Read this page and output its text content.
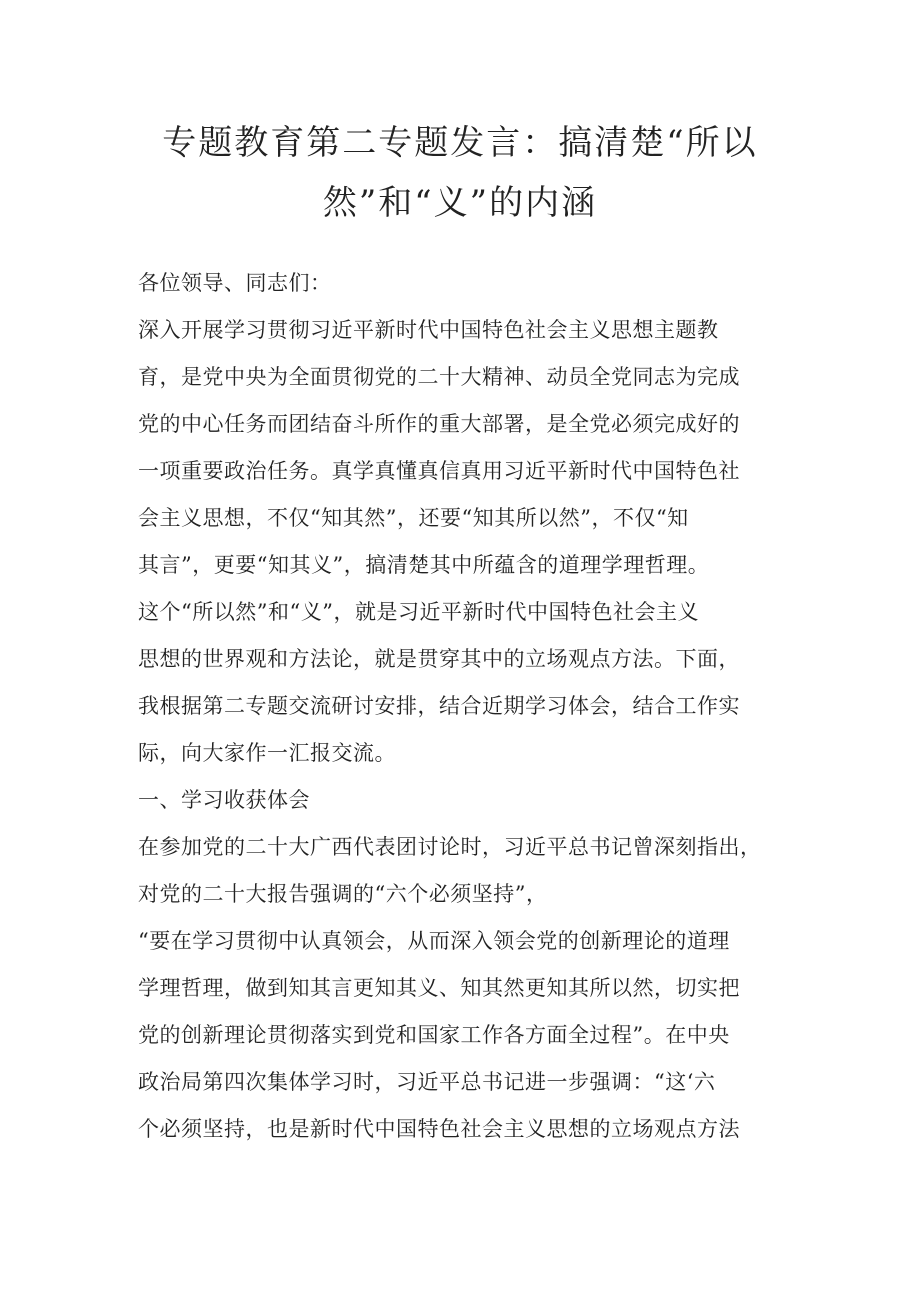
专题教育第二专题发言：搞清楚“所以
然”和“义”的内涵
各位领导、同志们：
深入开展学习贯彻习近平新时代中国特色社会主义思想主题教
育，是党中央为全面贯彻党的二十大精神、动员全党同志为完成
党的中心任务而团结奋斗所作的重大部署，是全党必须完成好的
一项重要政治任务。真学真懂真信真用习近平新时代中国特色社
会主义思想，不仅“知其然”，还要“知其所以然”，不仅“知
其言”，更要“知其义”，搞清楚其中所蕴含的道理学理哲理。
这个“所以然”和“义”，就是习近平新时代中国特色社会主义
思想的世界观和方法论，就是贯穿其中的立场观点方法。下面，
我根据第二专题交流研讨安排，结合近期学习体会，结合工作实
际，向大家作一汇报交流。
一、学习收获体会
在参加党的二十大广西代表团讨论时，习近平总书记曾深刻指出，
对党的二十大报告强调的“六个必须坚持”，
“要在学习贯彻中认真领会，从而深入领会党的创新理论的道理
学理哲理，做到知其言更知其义、知其然更知其所以然，切实把
党的创新理论贯彻落实到党和国家工作各方面全过程”。在中央
政治局第四次集体学习时，习近平总书记进一步强调：“这‘六
个必须坚持，也是新时代中国特色社会主义思想的立场观点方法
